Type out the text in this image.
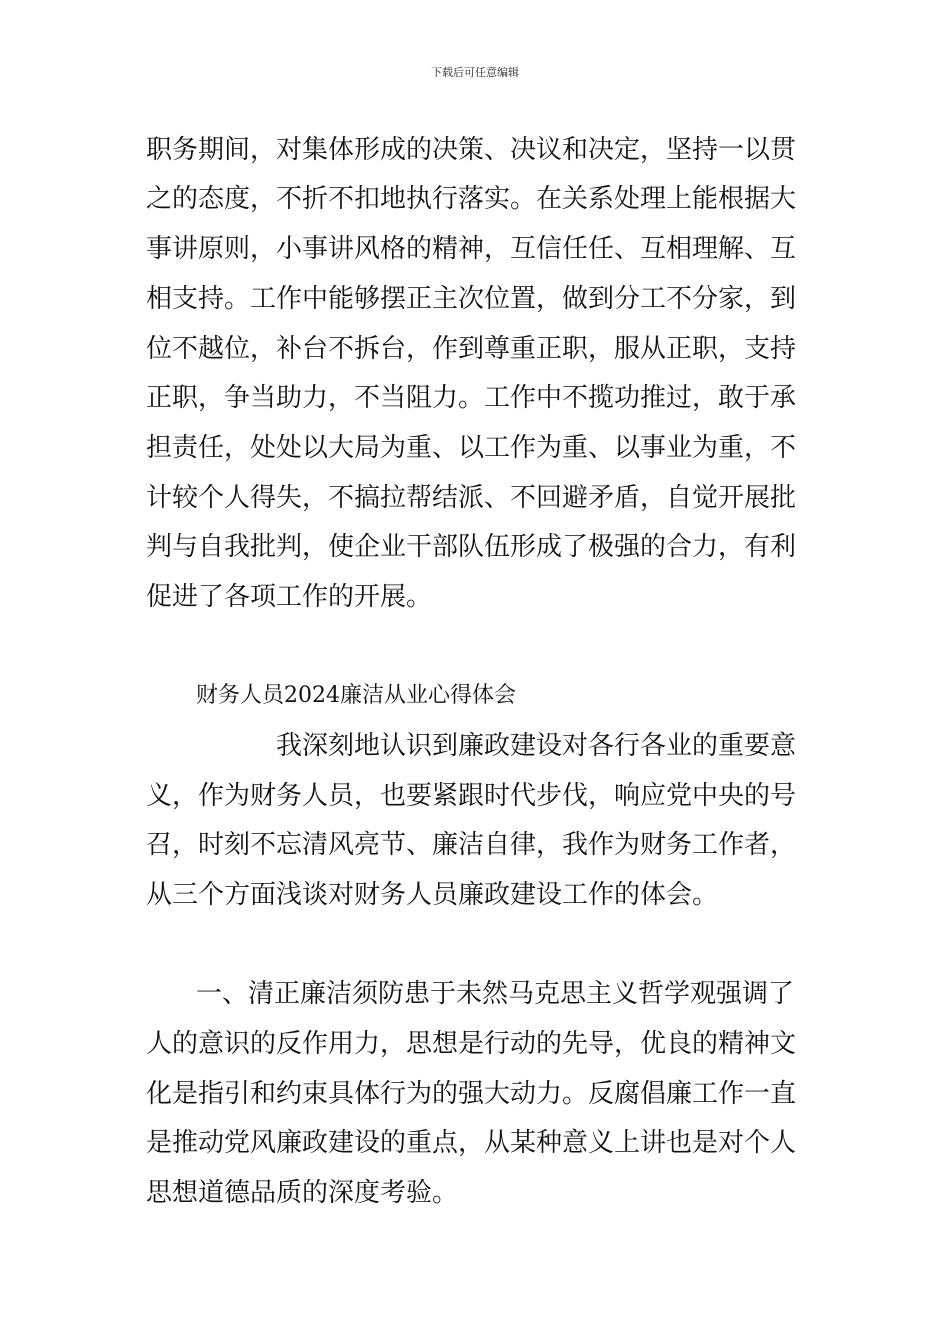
下载后可任意编辑
职务期间，对集体形成的决策、决议和决定，坚持一以贯
之的态度，不折不扣地执行落实。在关系处理上能根据大
事讲原则，小事讲风格的精神，互信任任、互相理解、互
相支持。工作中能够摆正主次位置，做到分工不分家，到
位不越位，补台不拆台，作到尊重正职，服从正职，支持
正职，争当助力，不当阻力。工作中不揽功推过，敢于承
担责任，处处以大局为重、以工作为重、以事业为重，不
计较个人得失，不搞拉帮结派、不回避矛盾，自觉开展批
判与自我批判，使企业干部队伍形成了极强的合力，有利
促进了各项工作的开展。
财务人员2024廉洁从业心得体会
我深刻地认识到廉政建设对各行各业的重要意
义，作为财务人员，也要紧跟时代步伐，响应党中央的号
召，时刻不忘清风亮节、廉洁自律，我作为财务工作者，
从三个方面浅谈对财务人员廉政建设工作的体会。
一、清正廉洁须防患于未然马克思主义哲学观强调了
人的意识的反作用力，思想是行动的先导，优良的精神文
化是指引和约束具体行为的强大动力。反腐倡廉工作一直
是推动党风廉政建设的重点，从某种意义上讲也是对个人
思想道德品质的深度考验。
